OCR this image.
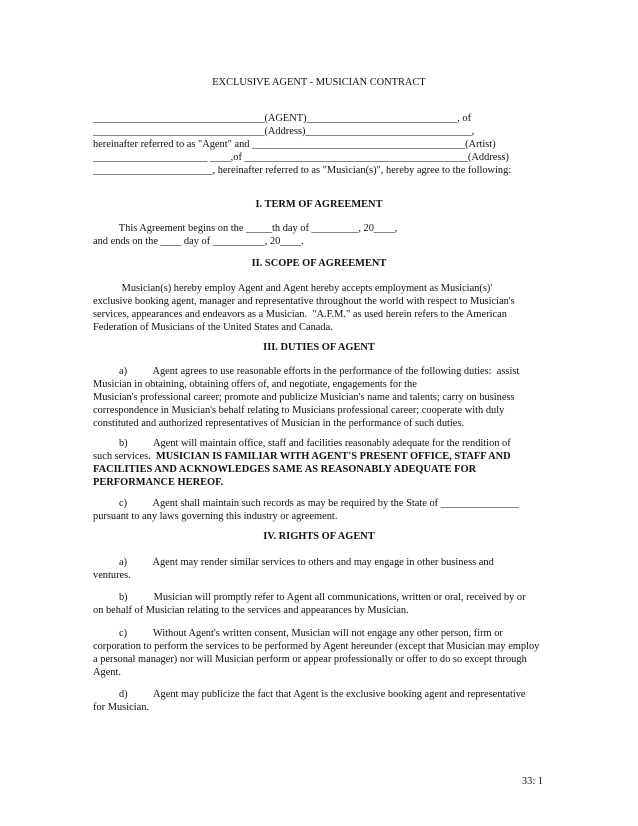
EXCLUSIVE AGENT - MUSICIAN CONTRACT
_________________________________(AGENT)_____________________________, of
_________________________________(Address)________________________________,
hereinafter referred to as "Agent" and _________________________________________(Artist)
______________________ ____,of ___________________________________________(Address)
_______________________, hereinafter referred to as "Musician(s)", hereby agree to the following:
I. TERM OF AGREEMENT
This Agreement begins on the _____th day of _________, 20____,
and ends on the ____ day of __________, 20____.
II. SCOPE OF AGREEMENT
Musician(s) hereby employ Agent and Agent hereby accepts employment as Musician(s)'
exclusive booking agent, manager and representative throughout the world with respect to Musician's
services, appearances and endeavors as a Musician.  "A.F.M." as used herein refers to the American
Federation of Musicians of the United States and Canada.
III. DUTIES OF AGENT
a)          Agent agrees to use reasonable efforts in the performance of the following duties:  assist
Musician in obtaining, obtaining offers of, and negotiate, engagements for the
Musician's professional career; promote and publicize Musician's name and talents; carry on business
correspondence in Musician's behalf relating to Musicians professional career; cooperate with duly
constituted and authorized representatives of Musician in the performance of such duties.
b)          Agent will maintain office, staff and facilities reasonably adequate for the rendition of
such services.  MUSICIAN IS FAMILIAR WITH AGENT'S PRESENT OFFICE, STAFF AND
FACILITIES AND ACKNOWLEDGES SAME AS REASONABLY ADEQUATE FOR
PERFORMANCE HEREOF.
c)          Agent shall maintain such records as may be required by the State of _______________
pursuant to any laws governing this industry or agreement.
IV. RIGHTS OF AGENT
a)          Agent may render similar services to others and may engage in other business and
ventures.
b)          Musician will promptly refer to Agent all communications, written or oral, received by or
on behalf of Musician relating to the services and appearances by Musician.
c)          Without Agent's written consent, Musician will not engage any other person, firm or
corporation to perform the services to be performed by Agent hereunder (except that Musician may employ
a personal manager) nor will Musician perform or appear professionally or offer to do so except through
Agent.
d)          Agent may publicize the fact that Agent is the exclusive booking agent and representative
for Musician.
33: 1
